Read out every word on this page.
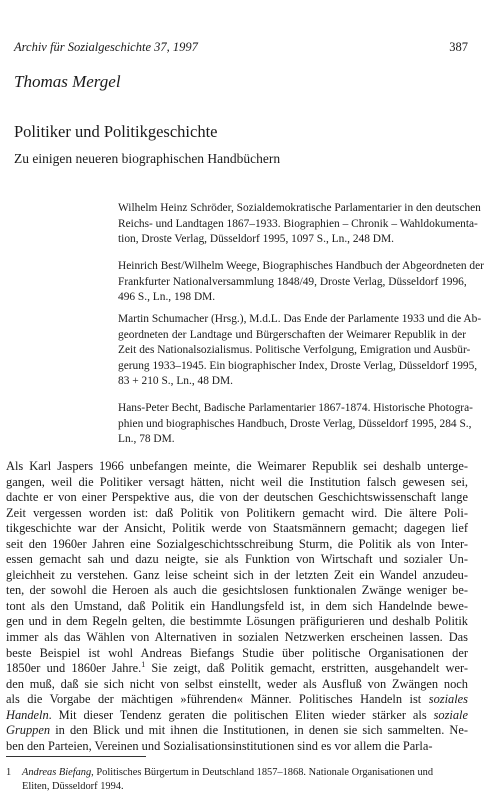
Archiv für Sozialgeschichte 37, 1997	387
Thomas Mergel
Politiker und Politikgeschichte
Zu einigen neueren biographischen Handbüchern
Wilhelm Heinz Schröder, Sozialdemokratische Parlamentarier in den deutschen
Reichs- und Landtagen 1867–1933. Biographien – Chronik – Wahldokumenta-
tion, Droste Verlag, Düsseldorf 1995, 1097 S., Ln., 248 DM.
Heinrich Best/Wilhelm Weege, Biographisches Handbuch der Abgeordneten der
Frankfurter Nationalversammlung 1848/49, Droste Verlag, Düsseldorf 1996,
496 S., Ln., 198 DM.
Martin Schumacher (Hrsg.), M.d.L. Das Ende der Parlamente 1933 und die Ab-
geordneten der Landtage und Bürgerschaften der Weimarer Republik in der
Zeit des Nationalsozialismus. Politische Verfolgung, Emigration und Ausbür-
gerung 1933–1945. Ein biographischer Index, Droste Verlag, Düsseldorf 1995,
83 + 210 S., Ln., 48 DM.
Hans-Peter Becht, Badische Parlamentarier 1867-1874. Historische Photogra-
phien und biographisches Handbuch, Droste Verlag, Düsseldorf 1995, 284 S.,
Ln., 78 DM.

Als Karl Jaspers 1966 unbefangen meinte, die Weimarer Republik sei deshalb unterge-
gangen, weil die Politiker versagt hätten, nicht weil die Institution falsch gewesen sei,
dachte er von einer Perspektive aus, die von der deutschen Geschichtswissenschaft lange
Zeit vergessen worden ist: daß Politik von Politikern gemacht wird. Die ältere Poli-
tikgeschichte war der Ansicht, Politik werde von Staatsmännern gemacht; dagegen lief
seit den 1960er Jahren eine Sozialgeschichtsschreibung Sturm, die Politik als von Inter-
essen gemacht sah und dazu neigte, sie als Funktion von Wirtschaft und sozialer Un-
gleichheit zu verstehen. Ganz leise scheint sich in der letzten Zeit ein Wandel anzudeu-
ten, der sowohl die Heroen als auch die gesichtslosen funktionalen Zwänge weniger be-
tont als den Umstand, daß Politik ein Handlungsfeld ist, in dem sich Handelnde bewe-
gen und in dem Regeln gelten, die bestimmte Lösungen präfigurieren und deshalb Politik
immer als das Wählen von Alternativen in sozialen Netzwerken erscheinen lassen. Das
beste Beispiel ist wohl Andreas Biefangs Studie über politische Organisationen der
1850er und 1860er Jahre.$^1$ Sie zeigt, daß Politik gemacht, erstritten, ausgehandelt wer-
den muß, daß sie sich nicht von selbst einstellt, weder als Ausfluß von Zwängen noch
als die Vorgabe der mächtigen »führenden« Männer. Politisches Handeln ist soziales
Handeln. Mit dieser Tendenz geraten die politischen Eliten wieder stärker als soziale
Gruppen in den Blick und mit ihnen die Institutionen, in denen sie sich sammelten. Ne-
ben den Parteien, Vereinen und Sozialisationsinstitutionen sind es vor allem die Parla-

1 Andreas Biefang, Politisches Bürgertum in Deutschland 1857–1868. Nationale Organisationen und
Eliten, Düsseldorf 1994.
